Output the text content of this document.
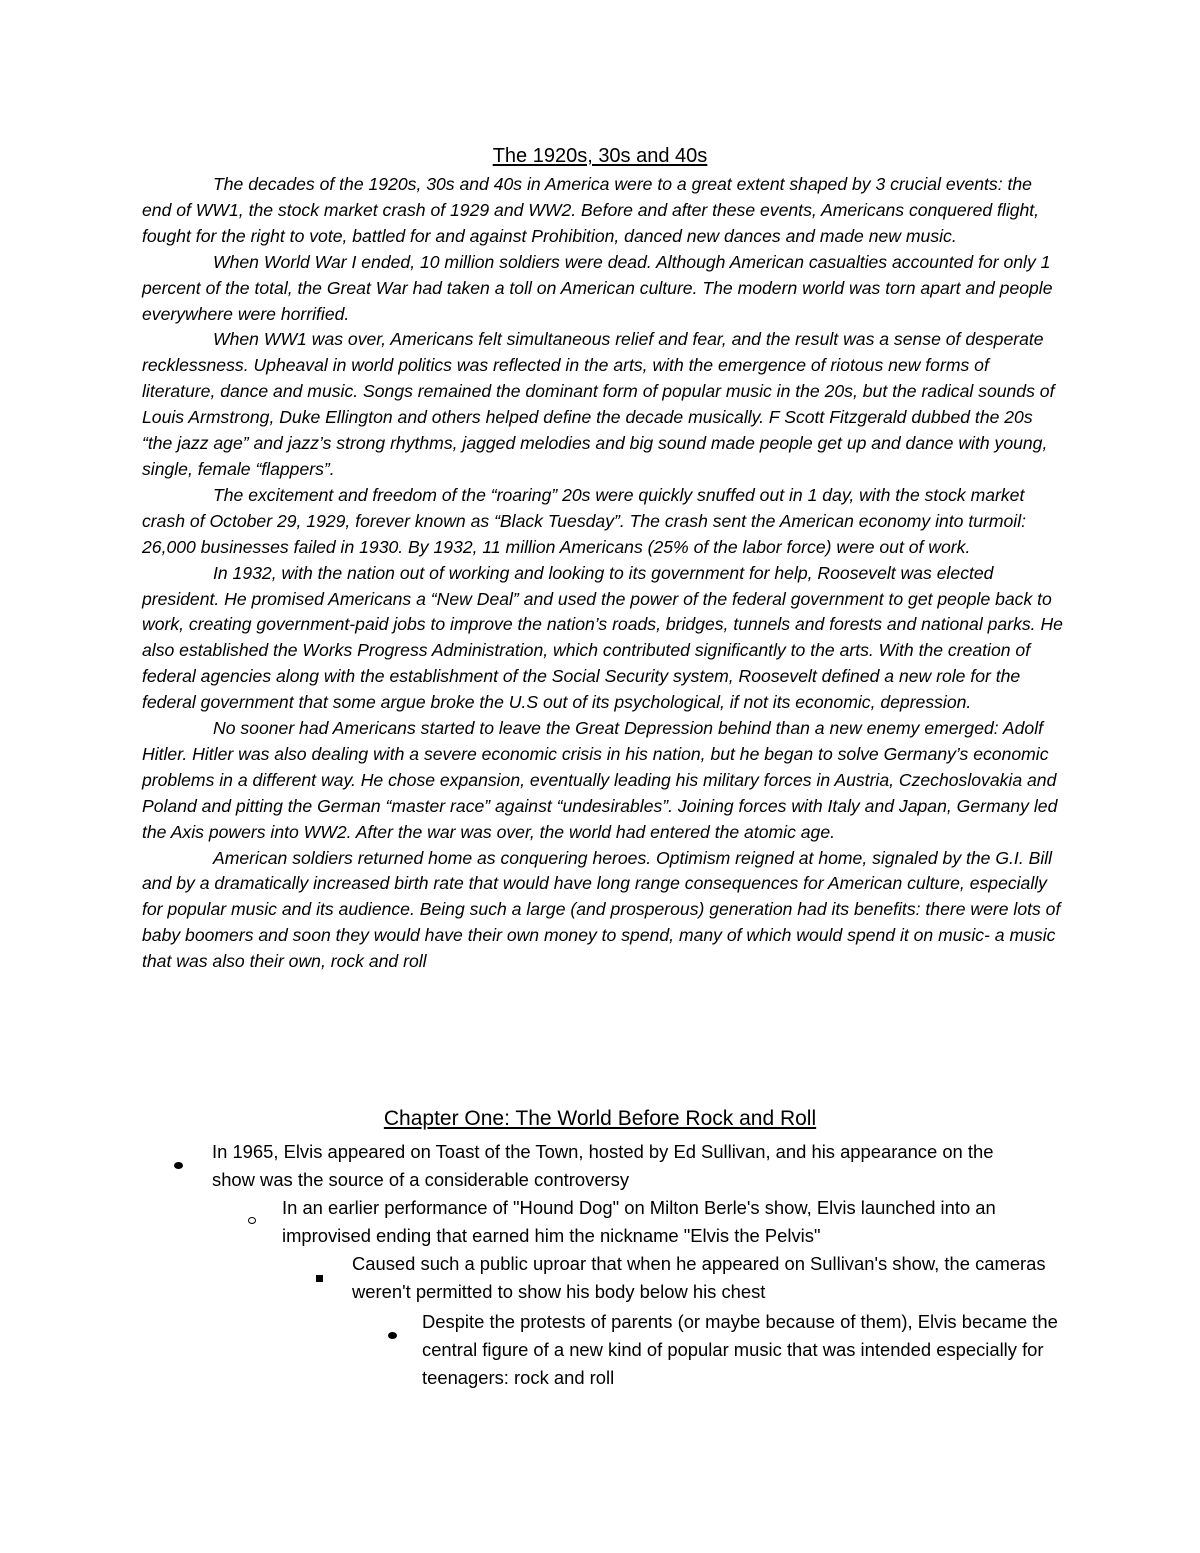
The 1920s, 30s and 40s

The decades of the 1920s, 30s and 40s in America were to a great extent shaped by 3 crucial events: the end of WW1, the stock market crash of 1929 and WW2. Before and after these events, Americans conquered flight, fought for the right to vote, battled for and against Prohibition, danced new dances and made new music.

When World War I ended, 10 million soldiers were dead. Although American casualties accounted for only 1 percent of the total, the Great War had taken a toll on American culture. The modern world was torn apart and people everywhere were horrified.

When WW1 was over, Americans felt simultaneous relief and fear, and the result was a sense of desperate recklessness. Upheaval in world politics was reflected in the arts, with the emergence of riotous new forms of literature, dance and music. Songs remained the dominant form of popular music in the 20s, but the radical sounds of Louis Armstrong, Duke Ellington and others helped define the decade musically. F Scott Fitzgerald dubbed the 20s “the jazz age” and jazz’s strong rhythms, jagged melodies and big sound made people get up and dance with young, single, female “flappers”.

The excitement and freedom of the “roaring” 20s were quickly snuffed out in 1 day, with the stock market crash of October 29, 1929, forever known as “Black Tuesday”. The crash sent the American economy into turmoil: 26,000 businesses failed in 1930. By 1932, 11 million Americans (25% of the labor force) were out of work.

In 1932, with the nation out of working and looking to its government for help, Roosevelt was elected president. He promised Americans a “New Deal” and used the power of the federal government to get people back to work, creating government-paid jobs to improve the nation’s roads, bridges, tunnels and forests and national parks. He also established the Works Progress Administration, which contributed significantly to the arts. With the creation of federal agencies along with the establishment of the Social Security system, Roosevelt defined a new role for the federal government that some argue broke the U.S out of its psychological, if not its economic, depression.

No sooner had Americans started to leave the Great Depression behind than a new enemy emerged: Adolf Hitler. Hitler was also dealing with a severe economic crisis in his nation, but he began to solve Germany’s economic problems in a different way. He chose expansion, eventually leading his military forces in Austria, Czechoslovakia and Poland and pitting the German “master race” against “undesirables”. Joining forces with Italy and Japan, Germany led the Axis powers into WW2. After the war was over, the world had entered the atomic age.

American soldiers returned home as conquering heroes. Optimism reigned at home, signaled by the G.I. Bill and by a dramatically increased birth rate that would have long range consequences for American culture, especially for popular music and its audience. Being such a large (and prosperous) generation had its benefits: there were lots of baby boomers and soon they would have their own money to spend, many of which would spend it on music- a music that was also their own, rock and roll

Chapter One: The World Before Rock and Roll
In 1965, Elvis appeared on Toast of the Town, hosted by Ed Sullivan, and his appearance on the show was the source of a considerable controversy
In an earlier performance of "Hound Dog" on Milton Berle's show, Elvis launched into an improvised ending that earned him the nickname "Elvis the Pelvis"
Caused such a public uproar that when he appeared on Sullivan's show, the cameras weren't permitted to show his body below his chest
Despite the protests of parents (or maybe because of them), Elvis became the central figure of a new kind of popular music that was intended especially for teenagers: rock and roll
